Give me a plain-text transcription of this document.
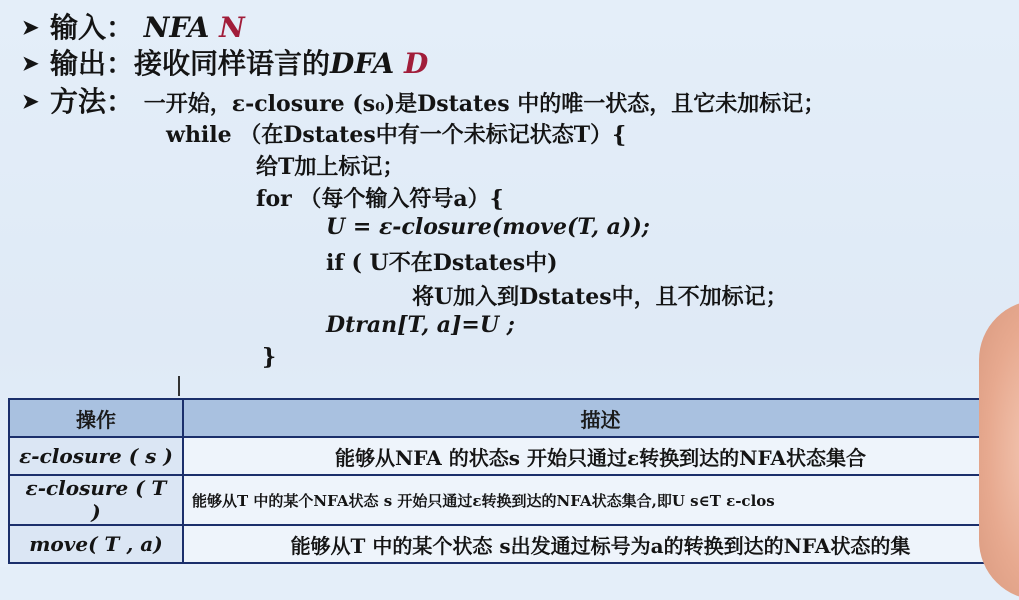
➤ 输入： NFA N
➤ 输出：接收同样语言的DFA D
➤ 方法： 一开始，ε-closure (s₀)是Dstates 中的唯一状态，且它未加标记；
while （在Dstates中有一个未标记状态T）{
给T加上标记；
for （每个输入符号a）{
U = ε-closure(move(T, a));
if ( U不在Dstates中)
将U加入到Dstates中，且不加标记；
Dtran[T, a]=U ;
}
操作	描述
ε-closure ( s )	能够从NFA 的状态s 开始只通过ε转换到达的NFA状态集合
ε-closure ( T )	能够从T 中的某个NFA状态 s 开始只通过ε转换到达的NFA状态集合,即U s∈T ε-clos
move( T , a)	能够从T 中的某个状态 s出发通过标号为a的转换到达的NFA状态的集
